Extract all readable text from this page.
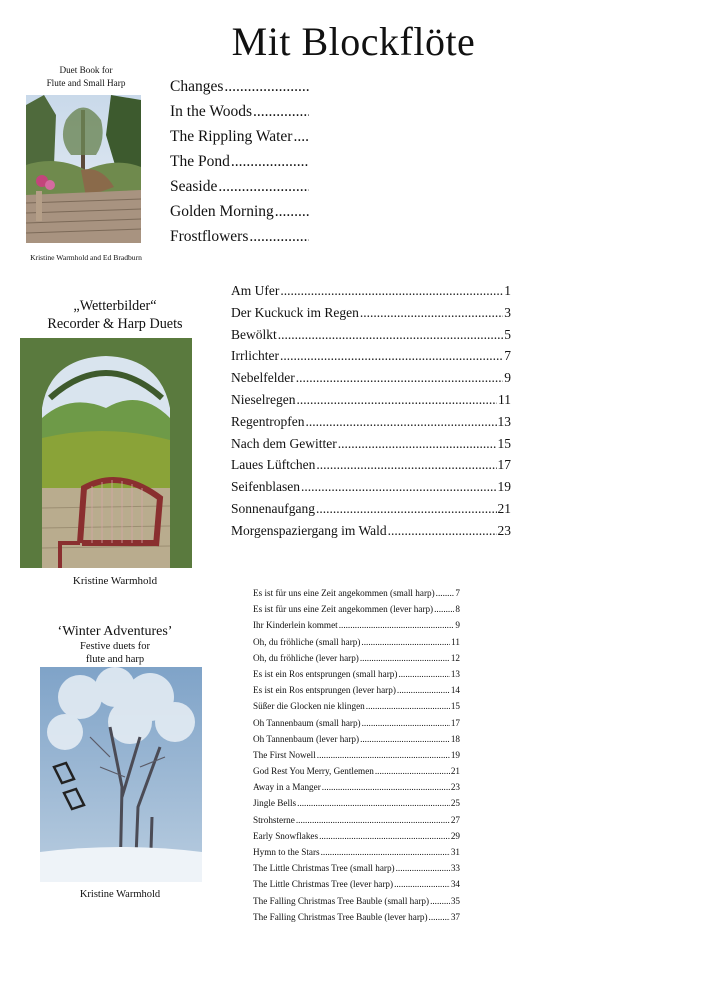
Mit Blockflöte
Duet Book for
Flute and Small Harp
Kristine Warmhold and Ed Bradburn
Changes
.....
In the Woods
.....
The Rippling Water
.....
The Pond
.....
Seaside
.....
Golden Morning
.....
Frostflowers
.....
„Wetterbilder“
Recorder & Harp Duets
Kristine Warmhold
Am Ufer .....	1
Der Kuckuck im Regen .....	3
Bewölkt .....	5
Irrlichter .....	7
Nebelfelder .....	9
Nieselregen .....	11
Regentropfen .....	13
Nach dem Gewitter .....	15
Laues Lüftchen .....	17
Seifenblasen .....	19
Sonnenaufgang .....	21
Morgenspaziergang im Wald .....	23
‘Winter Adventures’
Festive duets for
flute and harp
Kristine Warmhold
Es ist für uns eine Zeit angekommen (small harp) ..... 7
Es ist für uns eine Zeit angekommen (lever harp) ..... 8
Ihr Kinderlein kommet .....	9
Oh, du fröhliche (small harp) .....	11
Oh, du fröhliche (lever harp) .....	12
Es ist ein Ros entsprungen (small harp) .....	13
Es ist ein Ros entsprungen (lever harp) .....	14
Süßer die Glocken nie klingen .....	15
Oh Tannenbaum (small harp) .....	17
Oh Tannenbaum (lever harp) .....	18
The First Nowell .....	19
God Rest You Merry, Gentlemen .....	21
Away in a Manger .....	23
Jingle Bells .....	25
Strohsterne .....	27
Early Snowflakes .....	29
Hymn to the Stars .....	31
The Little Christmas Tree (small harp) .....	33
The Little Christmas Tree (lever harp) .....	34
The Falling Christmas Tree Bauble (small harp) ..... 35
The Falling Christmas Tree Bauble (lever harp) .....	37
